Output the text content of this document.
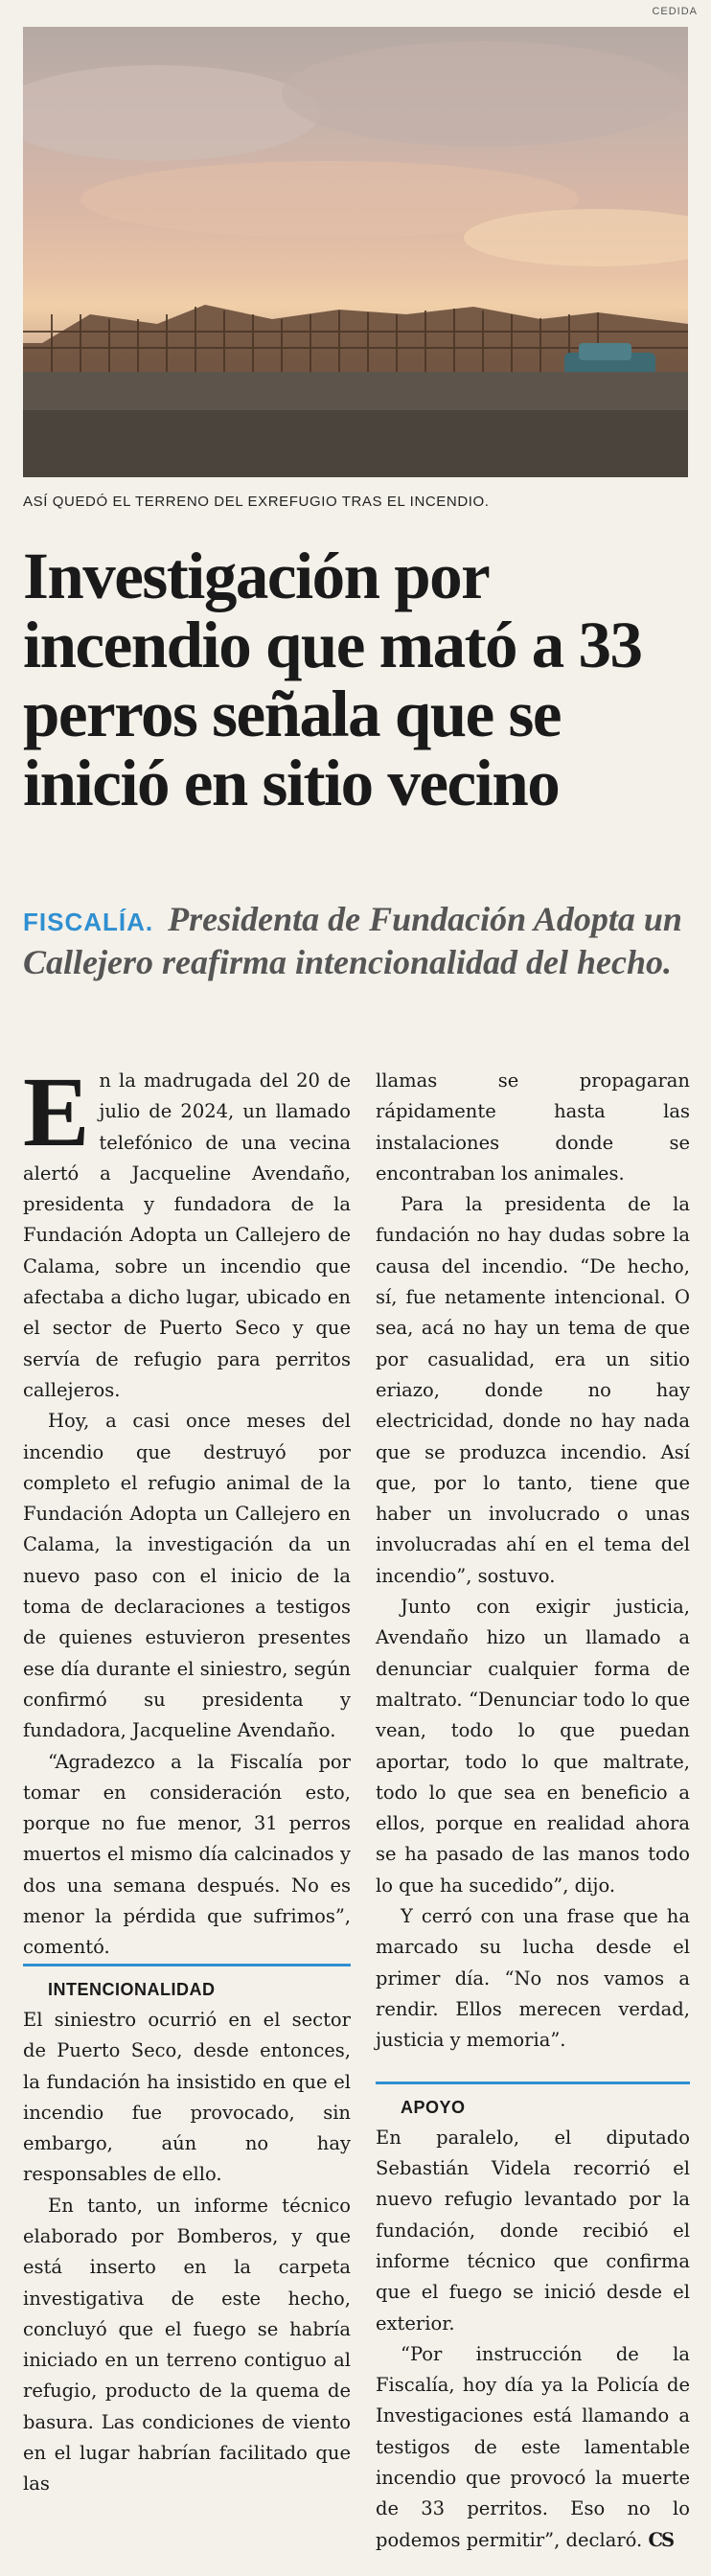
CEDIDA
ASÍ QUEDÓ EL TERRENO DEL EXREFUGIO TRAS EL INCENDIO.
Investigación por incendio que mató a 33 perros señala que se inició en sitio vecino
FISCALÍA. Presidenta de Fundación Adopta un Callejero reafirma intencionalidad del hecho.

En la madrugada del 20 de julio de 2024, un llamado telefónico de una vecina alertó a Jacqueline Avendaño, presidenta y fundadora de la Fundación Adopta un Callejero de Calama, sobre un incendio que afectaba a dicho lugar, ubicado en el sector de Puerto Seco y que servía de refugio para perritos callejeros.

Hoy, a casi once meses del incendio que destruyó por completo el refugio animal de la Fundación Adopta un Callejero en Calama, la investigación da un nuevo paso con el inicio de la toma de declaraciones a testigos de quienes estuvieron presentes ese día durante el siniestro, según confirmó su presidenta y fundadora, Jacqueline Avendaño.

“Agradezco a la Fiscalía por tomar en consideración esto, porque no fue menor, 31 perros muertos el mismo día calcinados y dos una semana después. No es menor la pérdida que sufrimos”, comentó.

INTENCIONALIDAD

El siniestro ocurrió en el sector de Puerto Seco, desde entonces, la fundación ha insistido en que el incendio fue provocado, sin embargo, aún no hay responsables de ello.

En tanto, un informe técnico elaborado por Bomberos, y que está inserto en la carpeta investigativa de este hecho, concluyó que el fuego se habría iniciado en un terreno contiguo al refugio, producto de la quema de basura. Las condiciones de viento en el lugar habrían facilitado que las

llamas se propagaran rápidamente hasta las instalaciones donde se encontraban los animales.

Para la presidenta de la fundación no hay dudas sobre la causa del incendio. “De hecho, sí, fue netamente intencional. O sea, acá no hay un tema de que por casualidad, era un sitio eriazo, donde no hay electricidad, donde no hay nada que se produzca incendio. Así que, por lo tanto, tiene que haber un involucrado o unas involucradas ahí en el tema del incendio”, sostuvo.

Junto con exigir justicia, Avendaño hizo un llamado a denunciar cualquier forma de maltrato. “Denunciar todo lo que vean, todo lo que puedan aportar, todo lo que maltrate, todo lo que sea en beneficio a ellos, porque en realidad ahora se ha pasado de las manos todo lo que ha sucedido”, dijo.

Y cerró con una frase que ha marcado su lucha desde el primer día. “No nos vamos a rendir. Ellos merecen verdad, justicia y memoria”.

APOYO

En paralelo, el diputado Sebastián Videla recorrió el nuevo refugio levantado por la fundación, donde recibió el informe técnico que confirma que el fuego se inició desde el exterior.

“Por instrucción de la Fiscalía, hoy día ya la Policía de Investigaciones está llamando a testigos de este lamentable incendio que provocó la muerte de 33 perritos. Eso no lo podemos permitir”, declaró. CS
